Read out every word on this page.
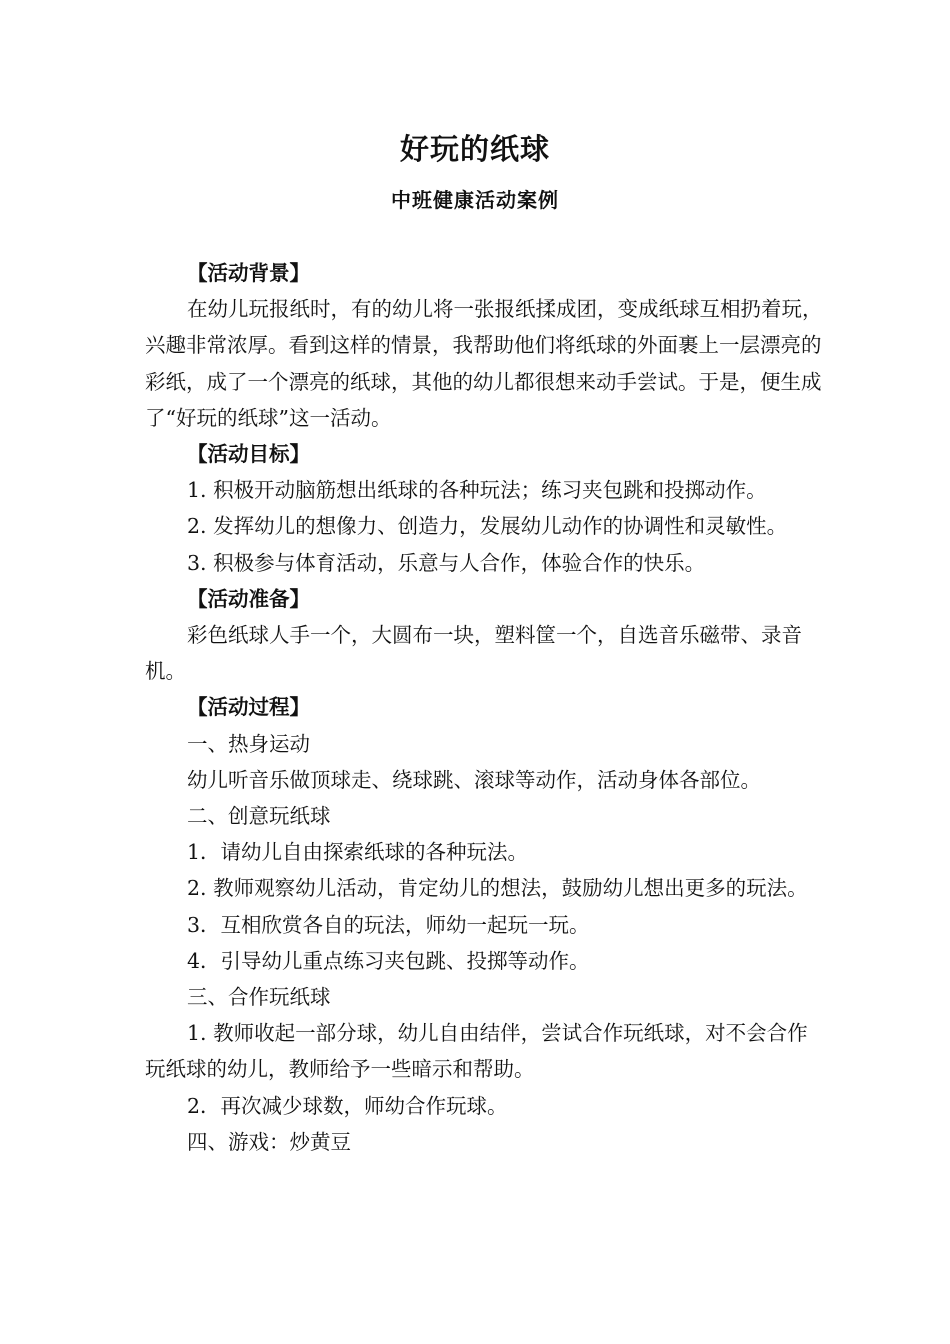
好玩的纸球
中班健康活动案例

【活动背景】

在幼儿玩报纸时，有的幼儿将一张报纸揉成团，变成纸球互相扔着玩，兴趣非常浓厚。看到这样的情景，我帮助他们将纸球的外面裹上一层漂亮的彩纸，成了一个漂亮的纸球，其他的幼儿都很想来动手尝试。于是，便生成了“好玩的纸球”这一活动。

【活动目标】

1. 积极开动脑筋想出纸球的各种玩法；练习夹包跳和投掷动作。

2. 发挥幼儿的想像力、创造力，发展幼儿动作的协调性和灵敏性。

3. 积极参与体育活动，乐意与人合作，体验合作的快乐。

【活动准备】

彩色纸球人手一个，大圆布一块，塑料筐一个，自选音乐磁带、录音机。

【活动过程】

一、热身运动

幼儿听音乐做顶球走、绕球跳、滚球等动作，活动身体各部位。

二、创意玩纸球

1．请幼儿自由探索纸球的各种玩法。

2. 教师观察幼儿活动，肯定幼儿的想法，鼓励幼儿想出更多的玩法。

3．互相欣赏各自的玩法，师幼一起玩一玩。

4．引导幼儿重点练习夹包跳、投掷等动作。

三、合作玩纸球

1. 教师收起一部分球，幼儿自由结伴，尝试合作玩纸球，对不会合作玩纸球的幼儿，教师给予一些暗示和帮助。

2．再次减少球数，师幼合作玩球。

四、游戏：炒黄豆
